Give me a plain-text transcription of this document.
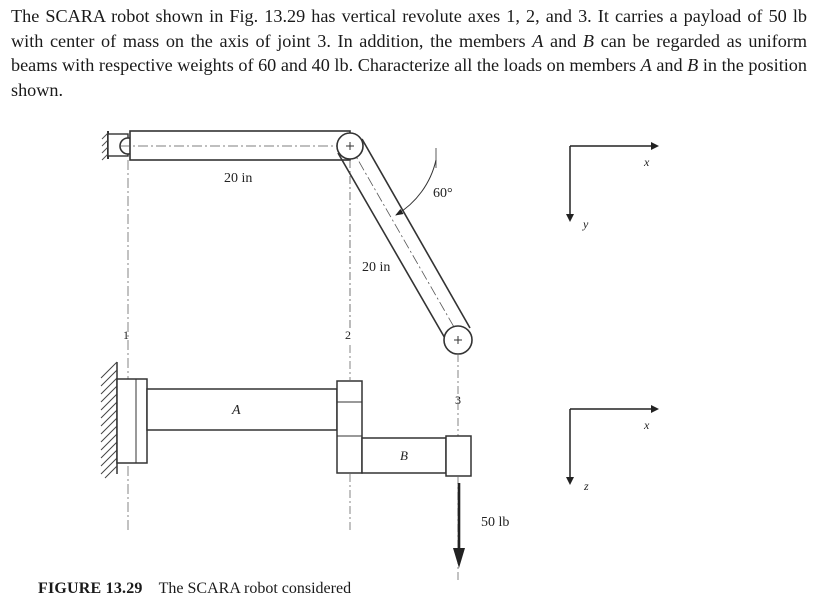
The SCARA robot shown in Fig. 13.29 has vertical revolute axes 1, 2, and 3. It carries a payload of 50 lb with center of mass on the axis of joint 3. In addition, the members A and B can be regarded as uniform beams with respective weights of 60 and 40 lb. Characterize all the loads on members A and B in the position shown.

60°
20 in
20 in
1	2
3
A
B
50 lb
x
y
x
z

FIGURE 13.29 The SCARA robot considered
